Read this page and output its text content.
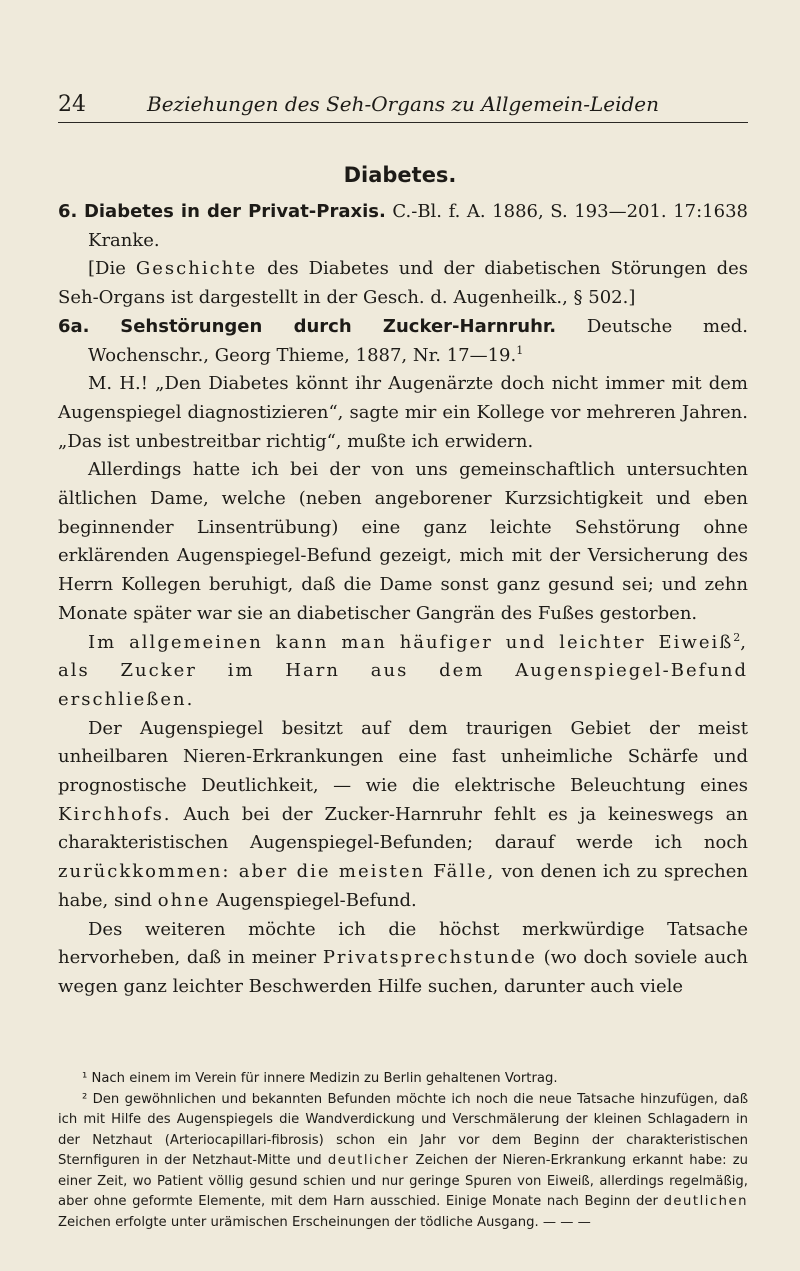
24	Beziehungen des Seh-Organs zu Allgemein-Leiden
Diabetes.

6. Diabetes in der Privat-Praxis. C.-Bl. f. A. 1886, S. 193—201. 17:1638 Kranke.

[Die Geschichte des Diabetes und der diabetischen Störungen des Seh-Organs ist dargestellt in der Gesch. d. Augenheilk., § 502.]

6a. Sehstörungen durch Zucker-Harnruhr. Deutsche med. Wochenschr., Georg Thieme, 1887, Nr. 17—19.$^1$

M. H.! „Den Diabetes könnt ihr Augenärzte doch nicht immer mit dem Augenspiegel diagnostizieren“, sagte mir ein Kollege vor mehreren Jahren. „Das ist unbestreitbar richtig“, mußte ich erwidern.

Allerdings hatte ich bei der von uns gemeinschaftlich untersuchten ältlichen Dame, welche (neben angeborener Kurzsichtigkeit und eben beginnender Linsentrübung) eine ganz leichte Sehstörung ohne erklärenden Augenspiegel-Befund gezeigt, mich mit der Versicherung des Herrn Kollegen beruhigt, daß die Dame sonst ganz gesund sei; und zehn Monate später war sie an diabetischer Gangrän des Fußes gestorben.

Im allgemeinen kann man häufiger und leichter Eiweiß$^2$, als Zucker im Harn aus dem Augenspiegel-Befund erschließen.

Der Augenspiegel besitzt auf dem traurigen Gebiet der meist unheilbaren Nieren-Erkrankungen eine fast unheimliche Schärfe und prognostische Deutlichkeit, — wie die elektrische Beleuchtung eines Kirchhofs. Auch bei der Zucker-Harnruhr fehlt es ja keineswegs an charakteristischen Augenspiegel-Befunden; darauf werde ich noch zurückkommen: aber die meisten Fälle, von denen ich zu sprechen habe, sind ohne Augenspiegel-Befund.

Des weiteren möchte ich die höchst merkwürdige Tatsache hervorheben, daß in meiner Privatsprechstunde (wo doch soviele auch wegen ganz leichter Beschwerden Hilfe suchen, darunter auch viele

¹ Nach einem im Verein für innere Medizin zu Berlin gehaltenen Vortrag.

² Den gewöhnlichen und bekannten Befunden möchte ich noch die neue Tatsache hinzufügen, daß ich mit Hilfe des Augenspiegels die Wandverdickung und Verschmälerung der kleinen Schlagadern in der Netzhaut (Arteriocapillari-fibrosis) schon ein Jahr vor dem Beginn der charakteristischen Sternfiguren in der Netzhaut-Mitte und deutlicher Zeichen der Nieren-Erkrankung erkannt habe: zu einer Zeit, wo Patient völlig gesund schien und nur geringe Spuren von Eiweiß, allerdings regelmäßig, aber ohne geformte Elemente, mit dem Harn ausschied. Einige Monate nach Beginn der deutlichen Zeichen erfolgte unter urämischen Erscheinungen der tödliche Ausgang. — — —
